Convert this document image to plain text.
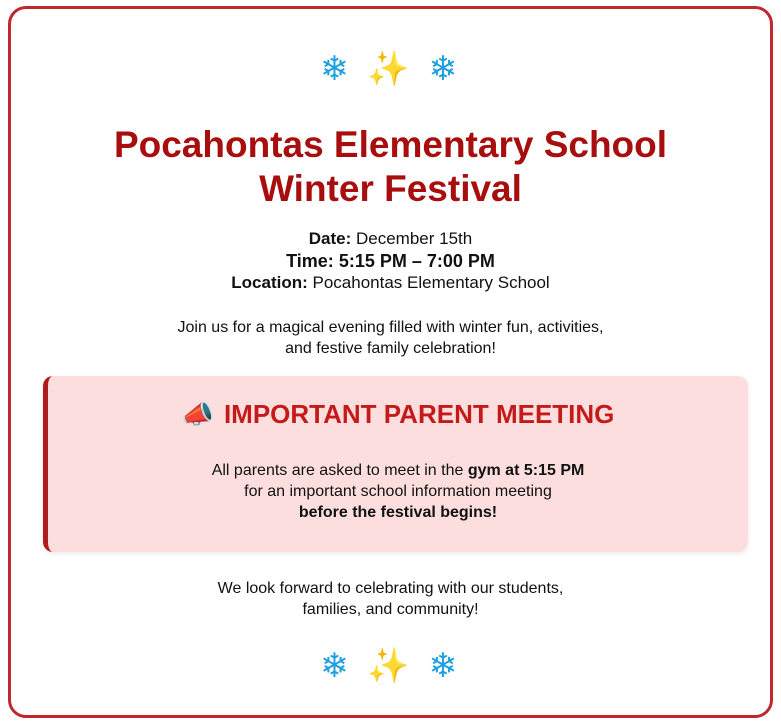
❄ ✨ ❄
Pocahontas Elementary School
Winter Festival
Date: December 15th
Time: 5:15 PM – 7:00 PM
Location: Pocahontas Elementary School
Join us for a magical evening filled with winter fun, activities,
and festive family celebration!
📣 IMPORTANT PARENT MEETING
All parents are asked to meet in the gym at 5:15 PM
for an important school information meeting
before the festival begins!
We look forward to celebrating with our students,
families, and community!
❄ ✨ ❄
